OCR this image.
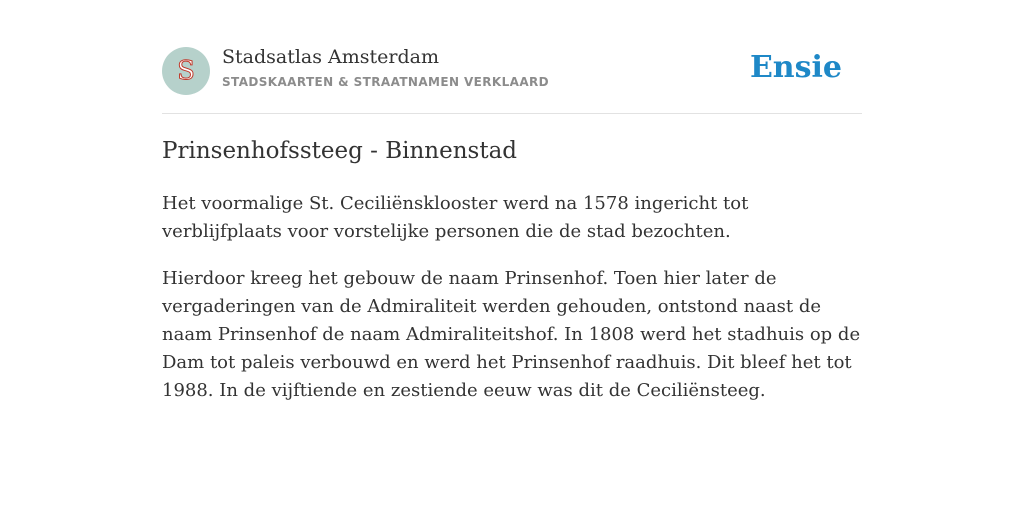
S Stadsatlas Amsterdam
STADSKAARTEN & STRAATNAMEN VERKLAARD	Ensie
Prinsenhofssteeg - Binnenstad

Het voormalige St. Ceciliënsklooster werd na 1578 ingericht tot verblijfplaats voor vorstelijke personen die de stad bezochten.

Hierdoor kreeg het gebouw de naam Prinsenhof. Toen hier later de vergaderingen van de Admiraliteit werden gehouden, ontstond naast de naam Prinsenhof de naam Admiraliteitshof. In 1808 werd het stadhuis op de Dam tot paleis verbouwd en werd het Prinsenhof raadhuis. Dit bleef het tot 1988. In de vijftiende en zestiende eeuw was dit de Ceciliënsteeg.
